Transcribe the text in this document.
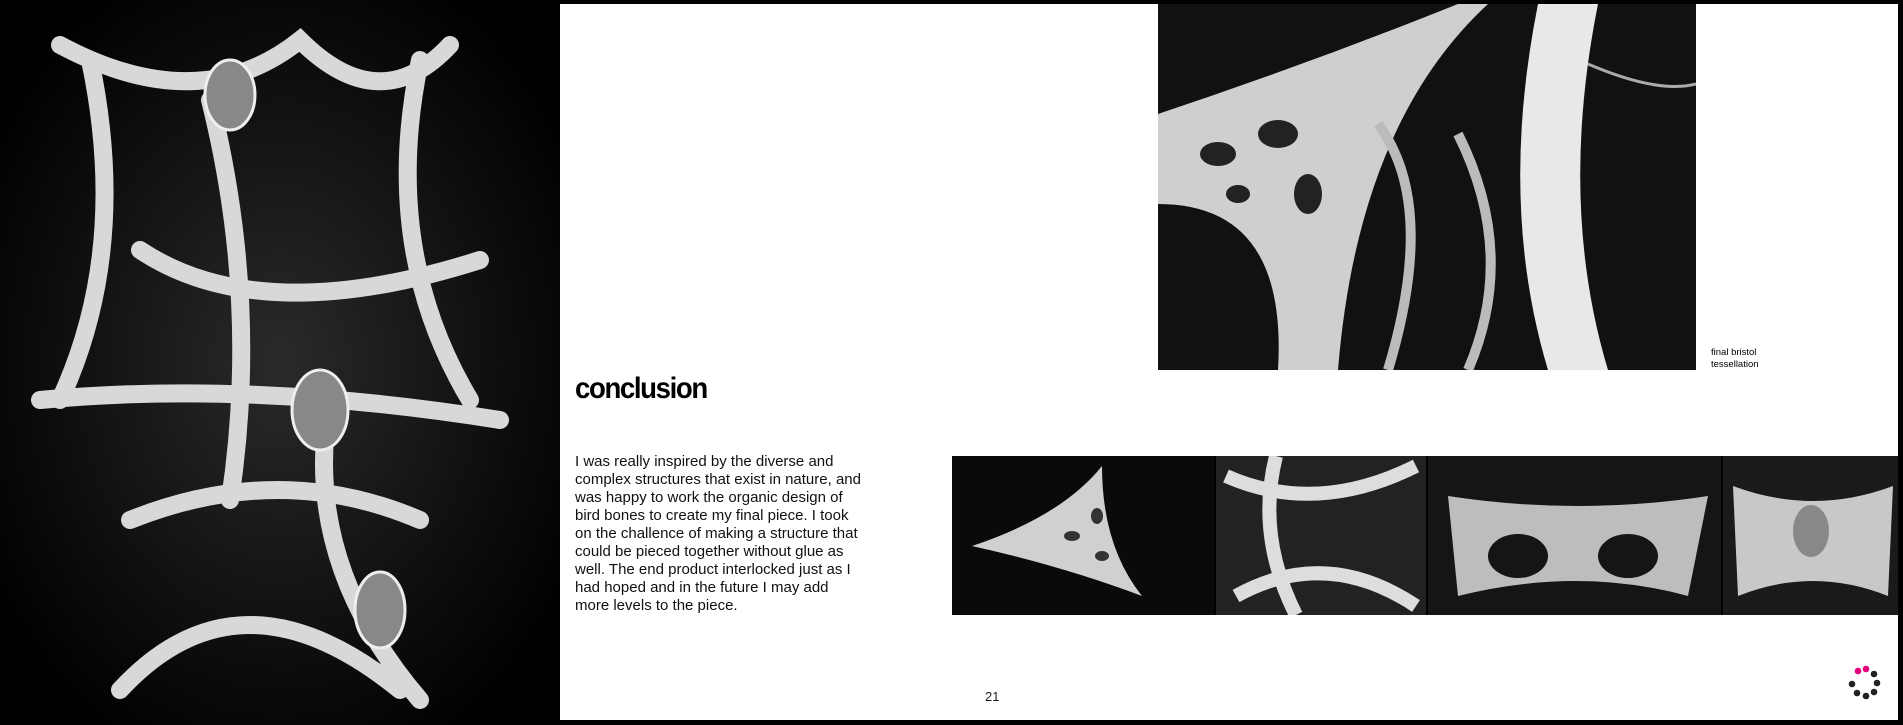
final bristol
tessellation
conclusion

I was really inspired by the diverse and complex structures that exist in nature, and was happy to work the organic design of bird bones to create my final piece. I took on the challence of making a structure that could be pieced together without glue as well. The end product interlocked just as I had hoped and in the future I may add more levels to the piece.

21
